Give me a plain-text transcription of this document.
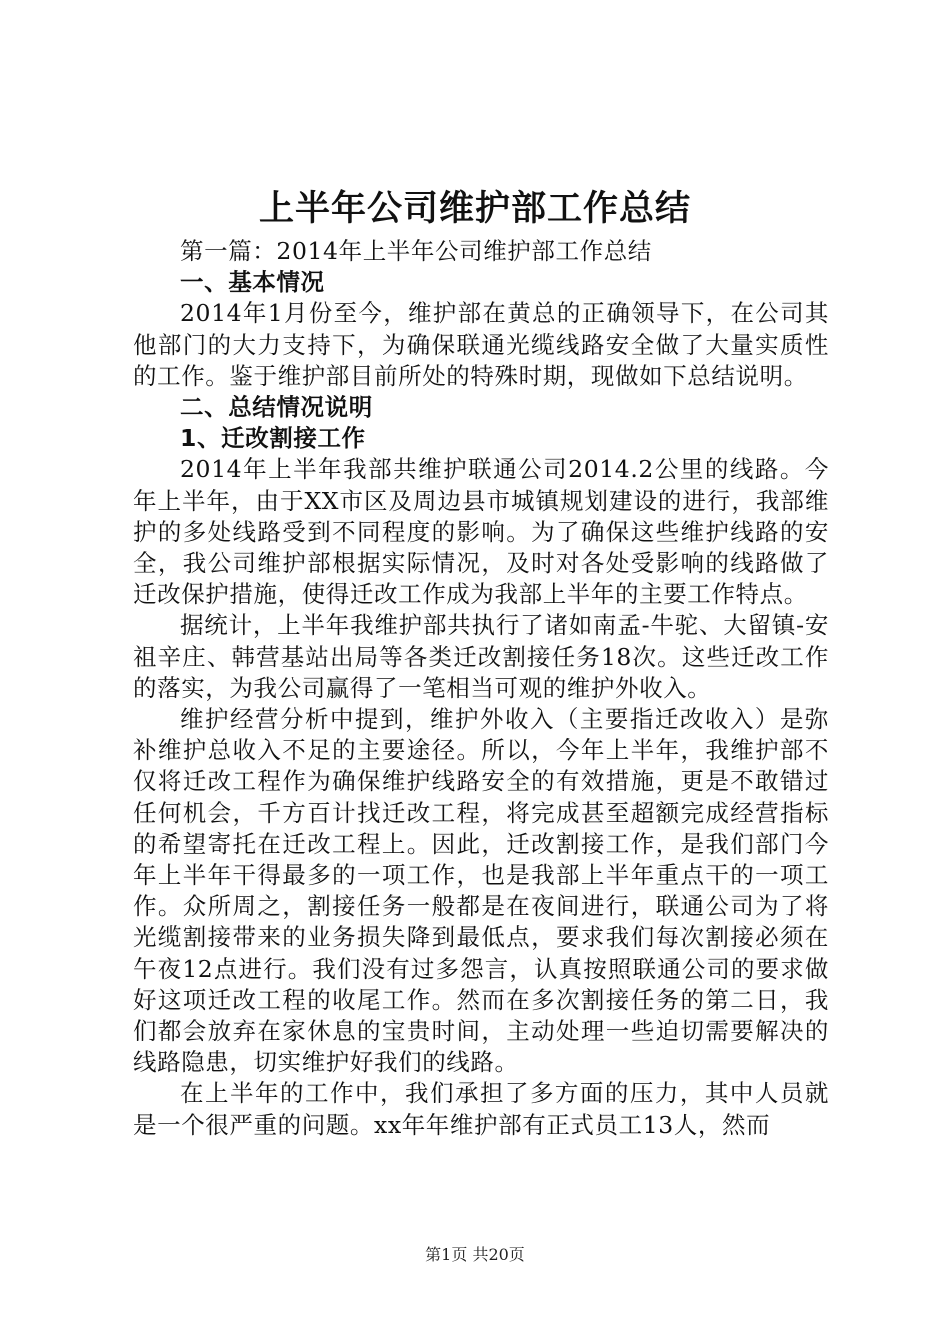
上半年公司维护部工作总结

第一篇：2014年上半年公司维护部工作总结

一、基本情况

2014年1月份至今，维护部在黄总的正确领导下，在公司其他部门的大力支持下，为确保联通光缆线路安全做了大量实质性的工作。鉴于维护部目前所处的特殊时期，现做如下总结说明。

二、总结情况说明

1、迁改割接工作

2014年上半年我部共维护联通公司2014.2公里的线路。今年上半年，由于XX市区及周边县市城镇规划建设的进行，我部维护的多处线路受到不同程度的影响。为了确保这些维护线路的安全，我公司维护部根据实际情况，及时对各处受影响的线路做了迁改保护措施，使得迁改工作成为我部上半年的主要工作特点。

据统计，上半年我维护部共执行了诸如南孟-牛驼、大留镇-安祖辛庄、韩营基站出局等各类迁改割接任务18次。这些迁改工作的落实，为我公司赢得了一笔相当可观的维护外收入。

维护经营分析中提到，维护外收入（主要指迁改收入）是弥补维护总收入不足的主要途径。所以，今年上半年，我维护部不仅将迁改工程作为确保维护线路安全的有效措施，更是不敢错过任何机会，千方百计找迁改工程，将完成甚至超额完成经营指标的希望寄托在迁改工程上。因此，迁改割接工作，是我们部门今年上半年干得最多的一项工作，也是我部上半年重点干的一项工作。众所周之，割接任务一般都是在夜间进行，联通公司为了将光缆割接带来的业务损失降到最低点，要求我们每次割接必须在午夜12点进行。我们没有过多怨言，认真按照联通公司的要求做好这项迁改工程的收尾工作。然而在多次割接任务的第二日，我们都会放弃在家休息的宝贵时间，主动处理一些迫切需要解决的线路隐患，切实维护好我们的线路。

在上半年的工作中，我们承担了多方面的压力，其中人员就是一个很严重的问题。xx年年维护部有正式员工13人，然而

第1页 共20页
